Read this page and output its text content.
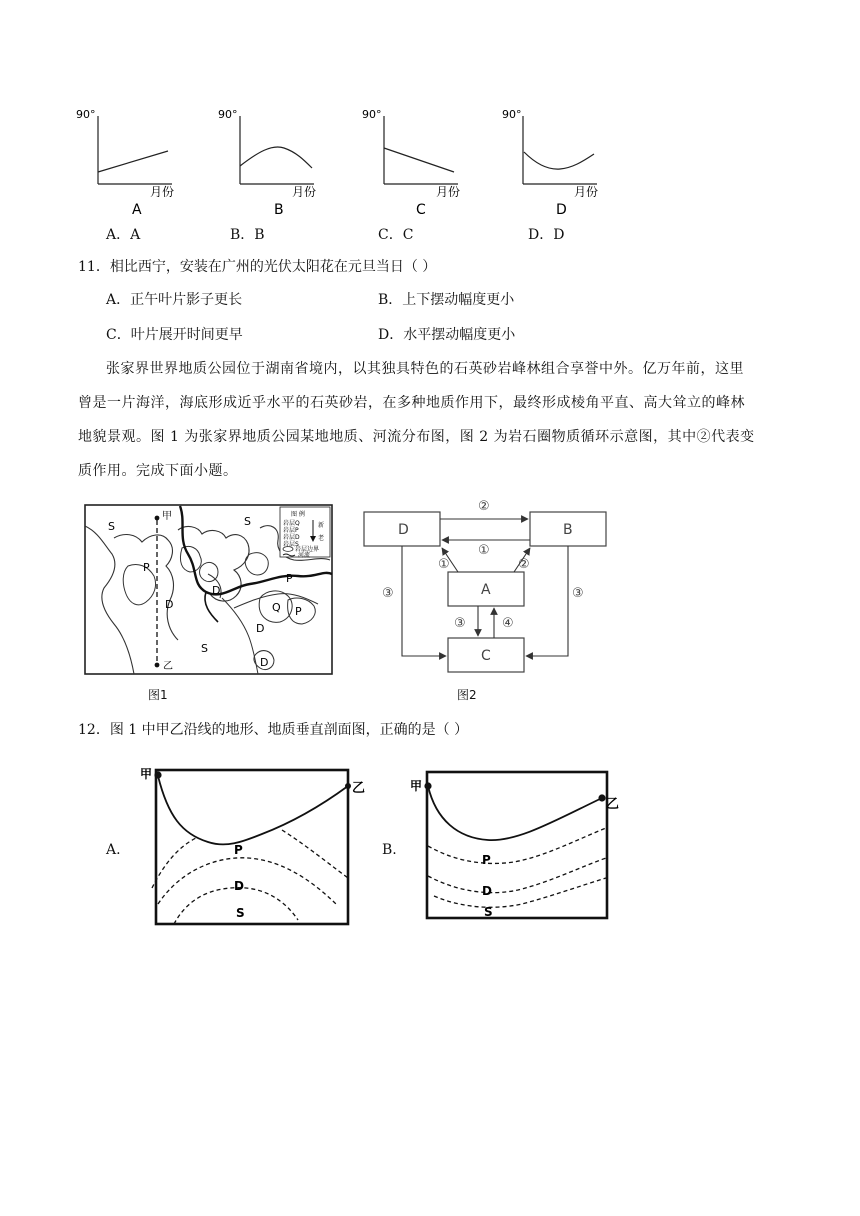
90°
月份
A
90°
月份
B
90°
月份
C
90°
月份
D
A．A	B．B	C．C	D．D
11．相比西宁，安装在广州的光伏太阳花在元旦当日（ ）
A．正午叶片影子更长	B．上下摆动幅度更小
C．叶片展开时间更早	D．水平摆动幅度更小
张家界世界地质公园位于湖南省境内，以其独具特色的石英砂岩峰林组合享誉中外。亿万年前，这里
曾是一片海洋，海底形成近乎水平的石英砂岩，在多种地质作用下，最终形成棱角平直、高大耸立的峰林
地貌景观。图 1 为张家界地质公园某地地质、河流分布图，图 2 为岩石圈物质循环示意图，其中②代表变
质作用。完成下面小题。
甲
乙
S	S
S
P
P
P
D
D
D
D
Q
图 例
岩层Q
岩层P
岩层D
岩层S
新
老
岩层边界
河流
图1
D	B
A
C
②
①
①	②
③	③
③	④
图2
12．图 1 中甲乙沿线的地形、地质垂直剖面图，正确的是（ ）
A.
甲
乙
P
D
S
B.
甲
乙
P
D
S
